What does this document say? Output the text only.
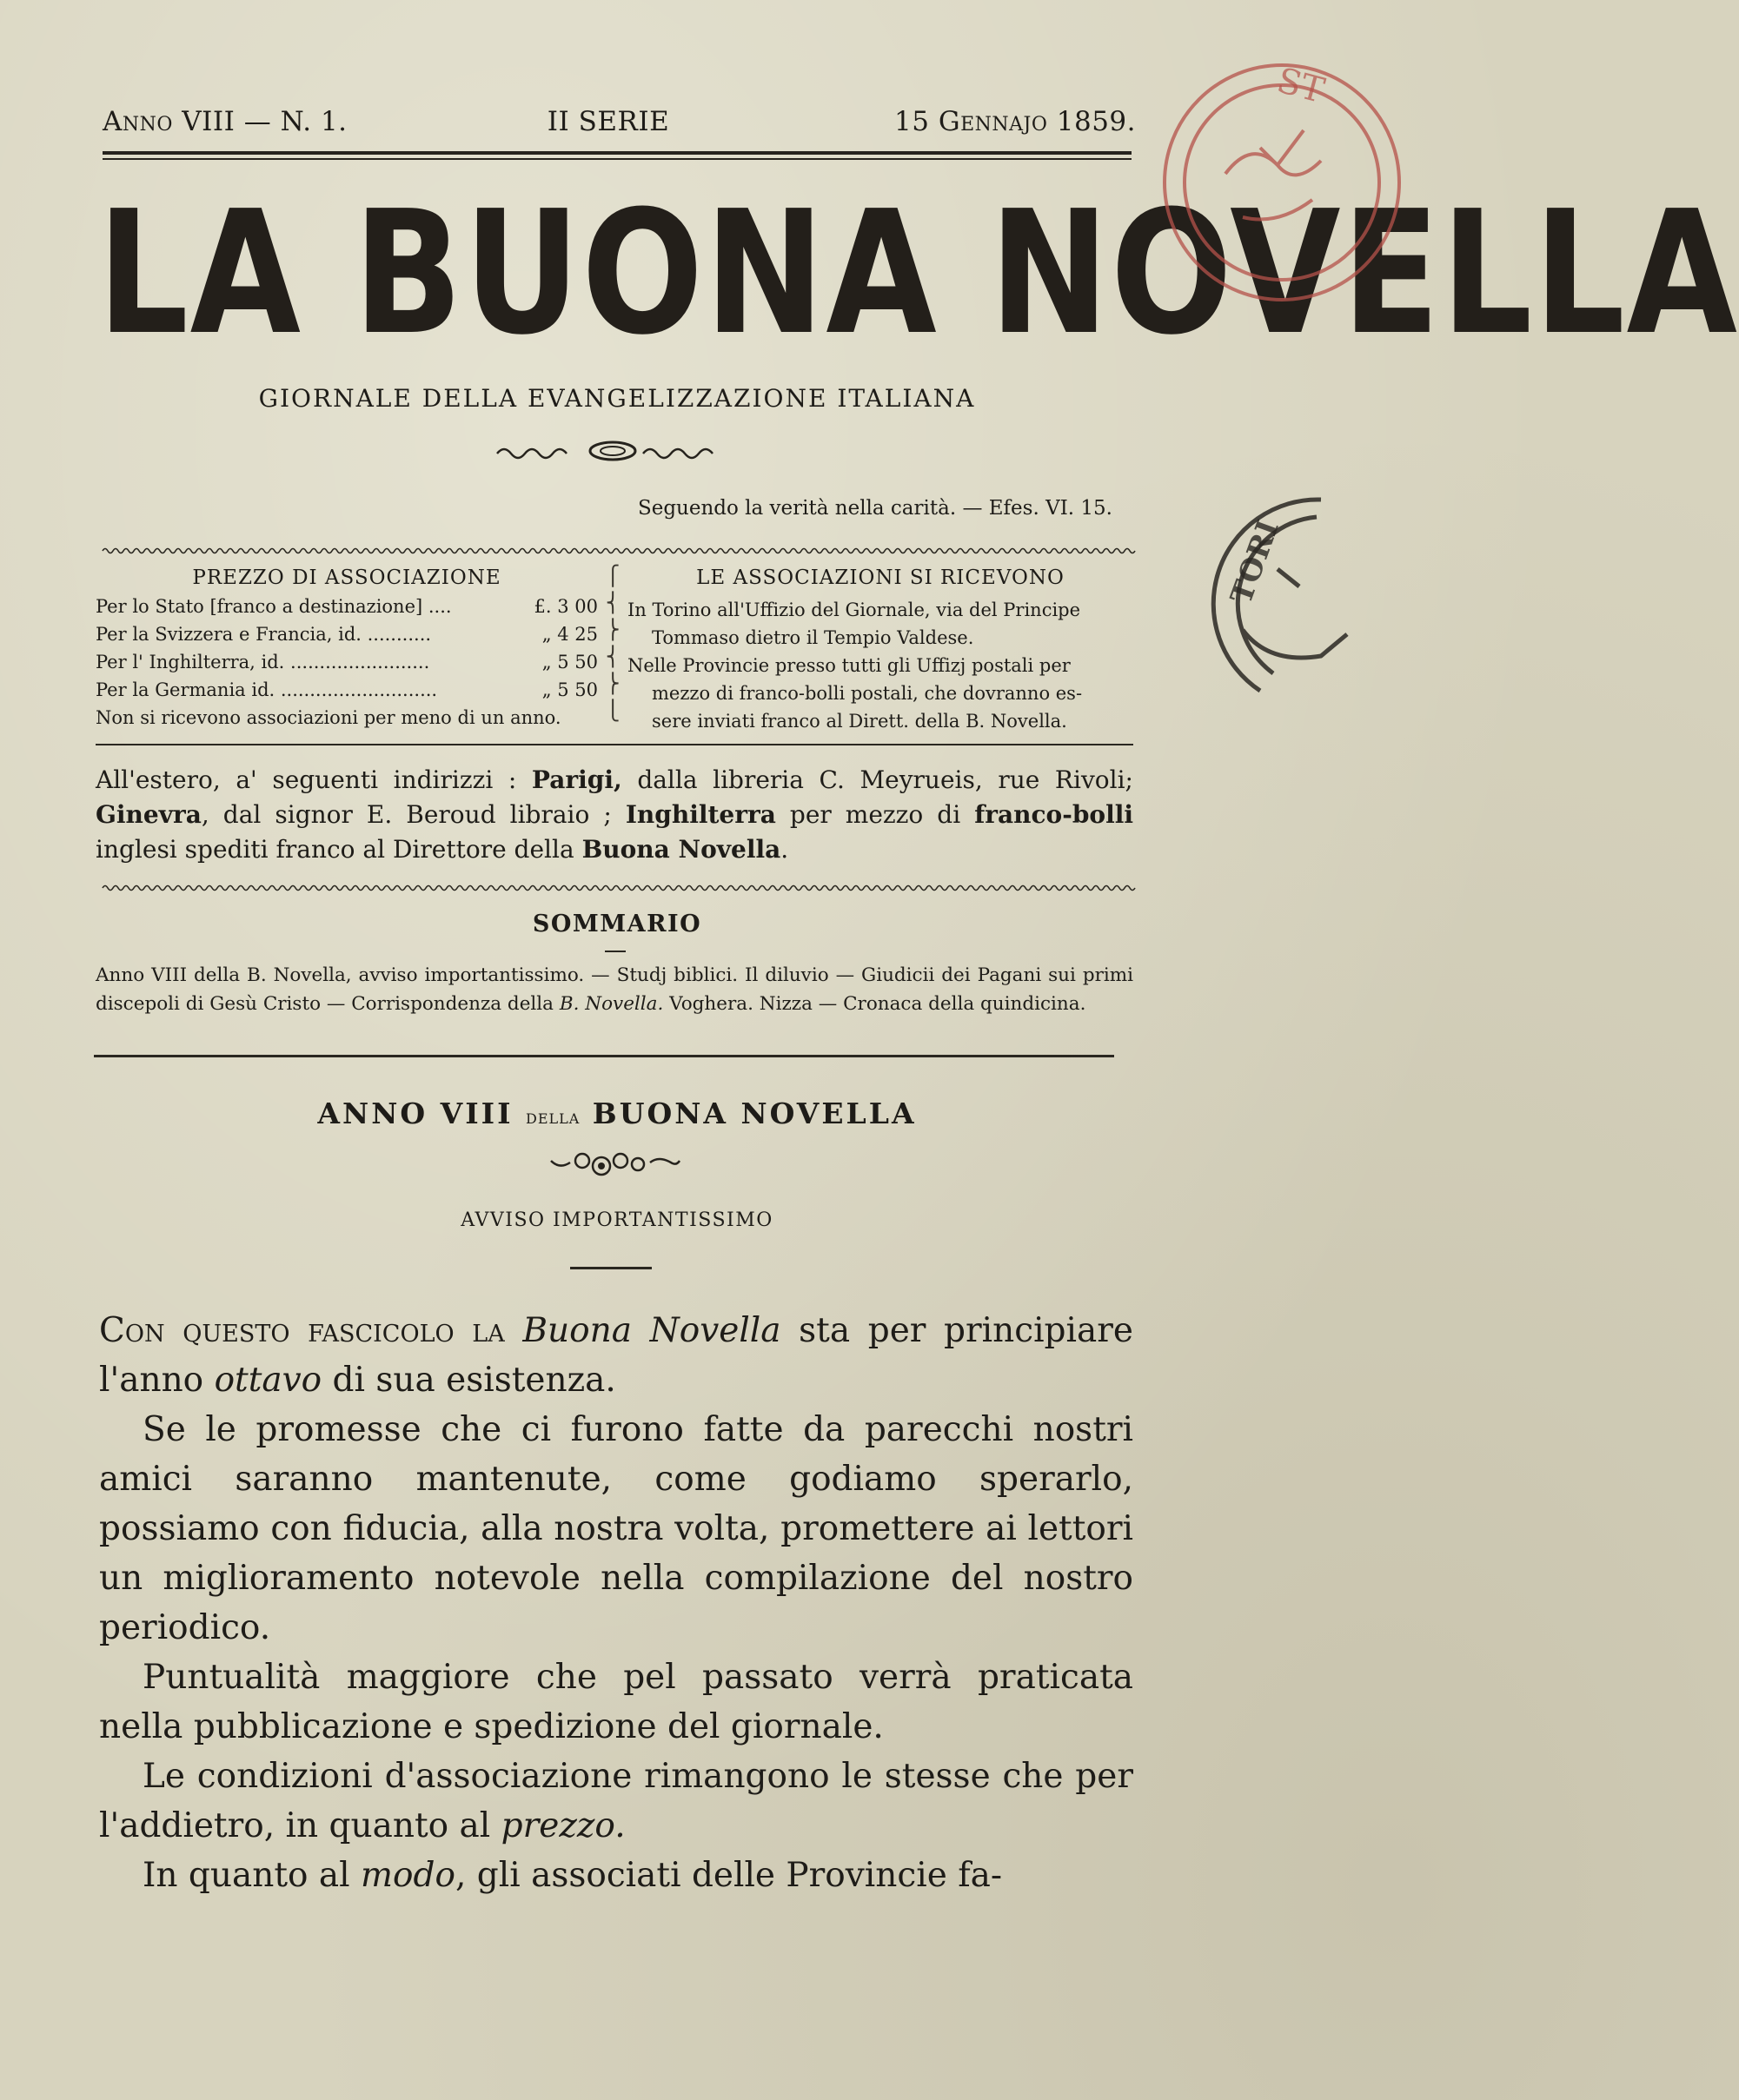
Anno VIII — N. 1.	II SERIE	15 Gennajo 1859.
LA BUONA NOVELLA
GIORNALE DELLA EVANGELIZZAZIONE ITALIANA
Seguendo la verità nella carità. — Efes. VI. 15.
PREZZO DI ASSOCIAZIONE
Per lo Stato [franco a destinazione] ....	£. 3 00
Per la Svizzera e Francia, id. ...........	„ 4 25
Per l' Inghilterra, id. ........................	„ 5 50
Per la Germania id. ...........................	„ 5 50
Non si ricevono associazioni per meno di un anno.
⎧
⎨
⎬
⎨
⎬
⎩
LE ASSOCIAZIONI SI RICEVONO
In Torino all'Uffizio del Giornale, via del Principe
Tommaso dietro il Tempio Valdese.
Nelle Provincie presso tutti gli Uffizj postali per
mezzo di franco-bolli postali, che dovranno es-
sere inviati franco al Dirett. della B. Novella.
All'estero, a' seguenti indirizzi : Parigi, dalla libreria C. Meyrueis, rue Rivoli; Ginevra, dal signor E. Beroud libraio ; Inghilterra per mezzo di franco-bolli inglesi spediti franco al Direttore della Buona Novella.
SOMMARIO
Anno VIII della B. Novella, avviso importantissimo. — Studj biblici. Il diluvio — Giudicii dei Pagani sui primi discepoli di Gesù Cristo — Corrispondenza della B. Novella. Voghera. Nizza — Cronaca della quindicina.
ANNO VIII della BUONA NOVELLA
AVVISO IMPORTANTISSIMO

Con questo fascicolo la Buona Novella sta per principiare l'anno ottavo di sua esistenza.

Se le promesse che ci furono fatte da parecchi nostri amici saranno mantenute, come godiamo sperarlo, possiamo con fiducia, alla nostra volta, promettere ai lettori un miglioramento notevole nella compilazione del nostro periodico.

Puntualità maggiore che pel passato verrà praticata nella pubblicazione e spedizione del giornale.

Le condizioni d'associazione rimangono le stesse che per l'addietro, in quanto al prezzo.

In quanto al modo, gli associati delle Provincie fa-

ST
TORI
